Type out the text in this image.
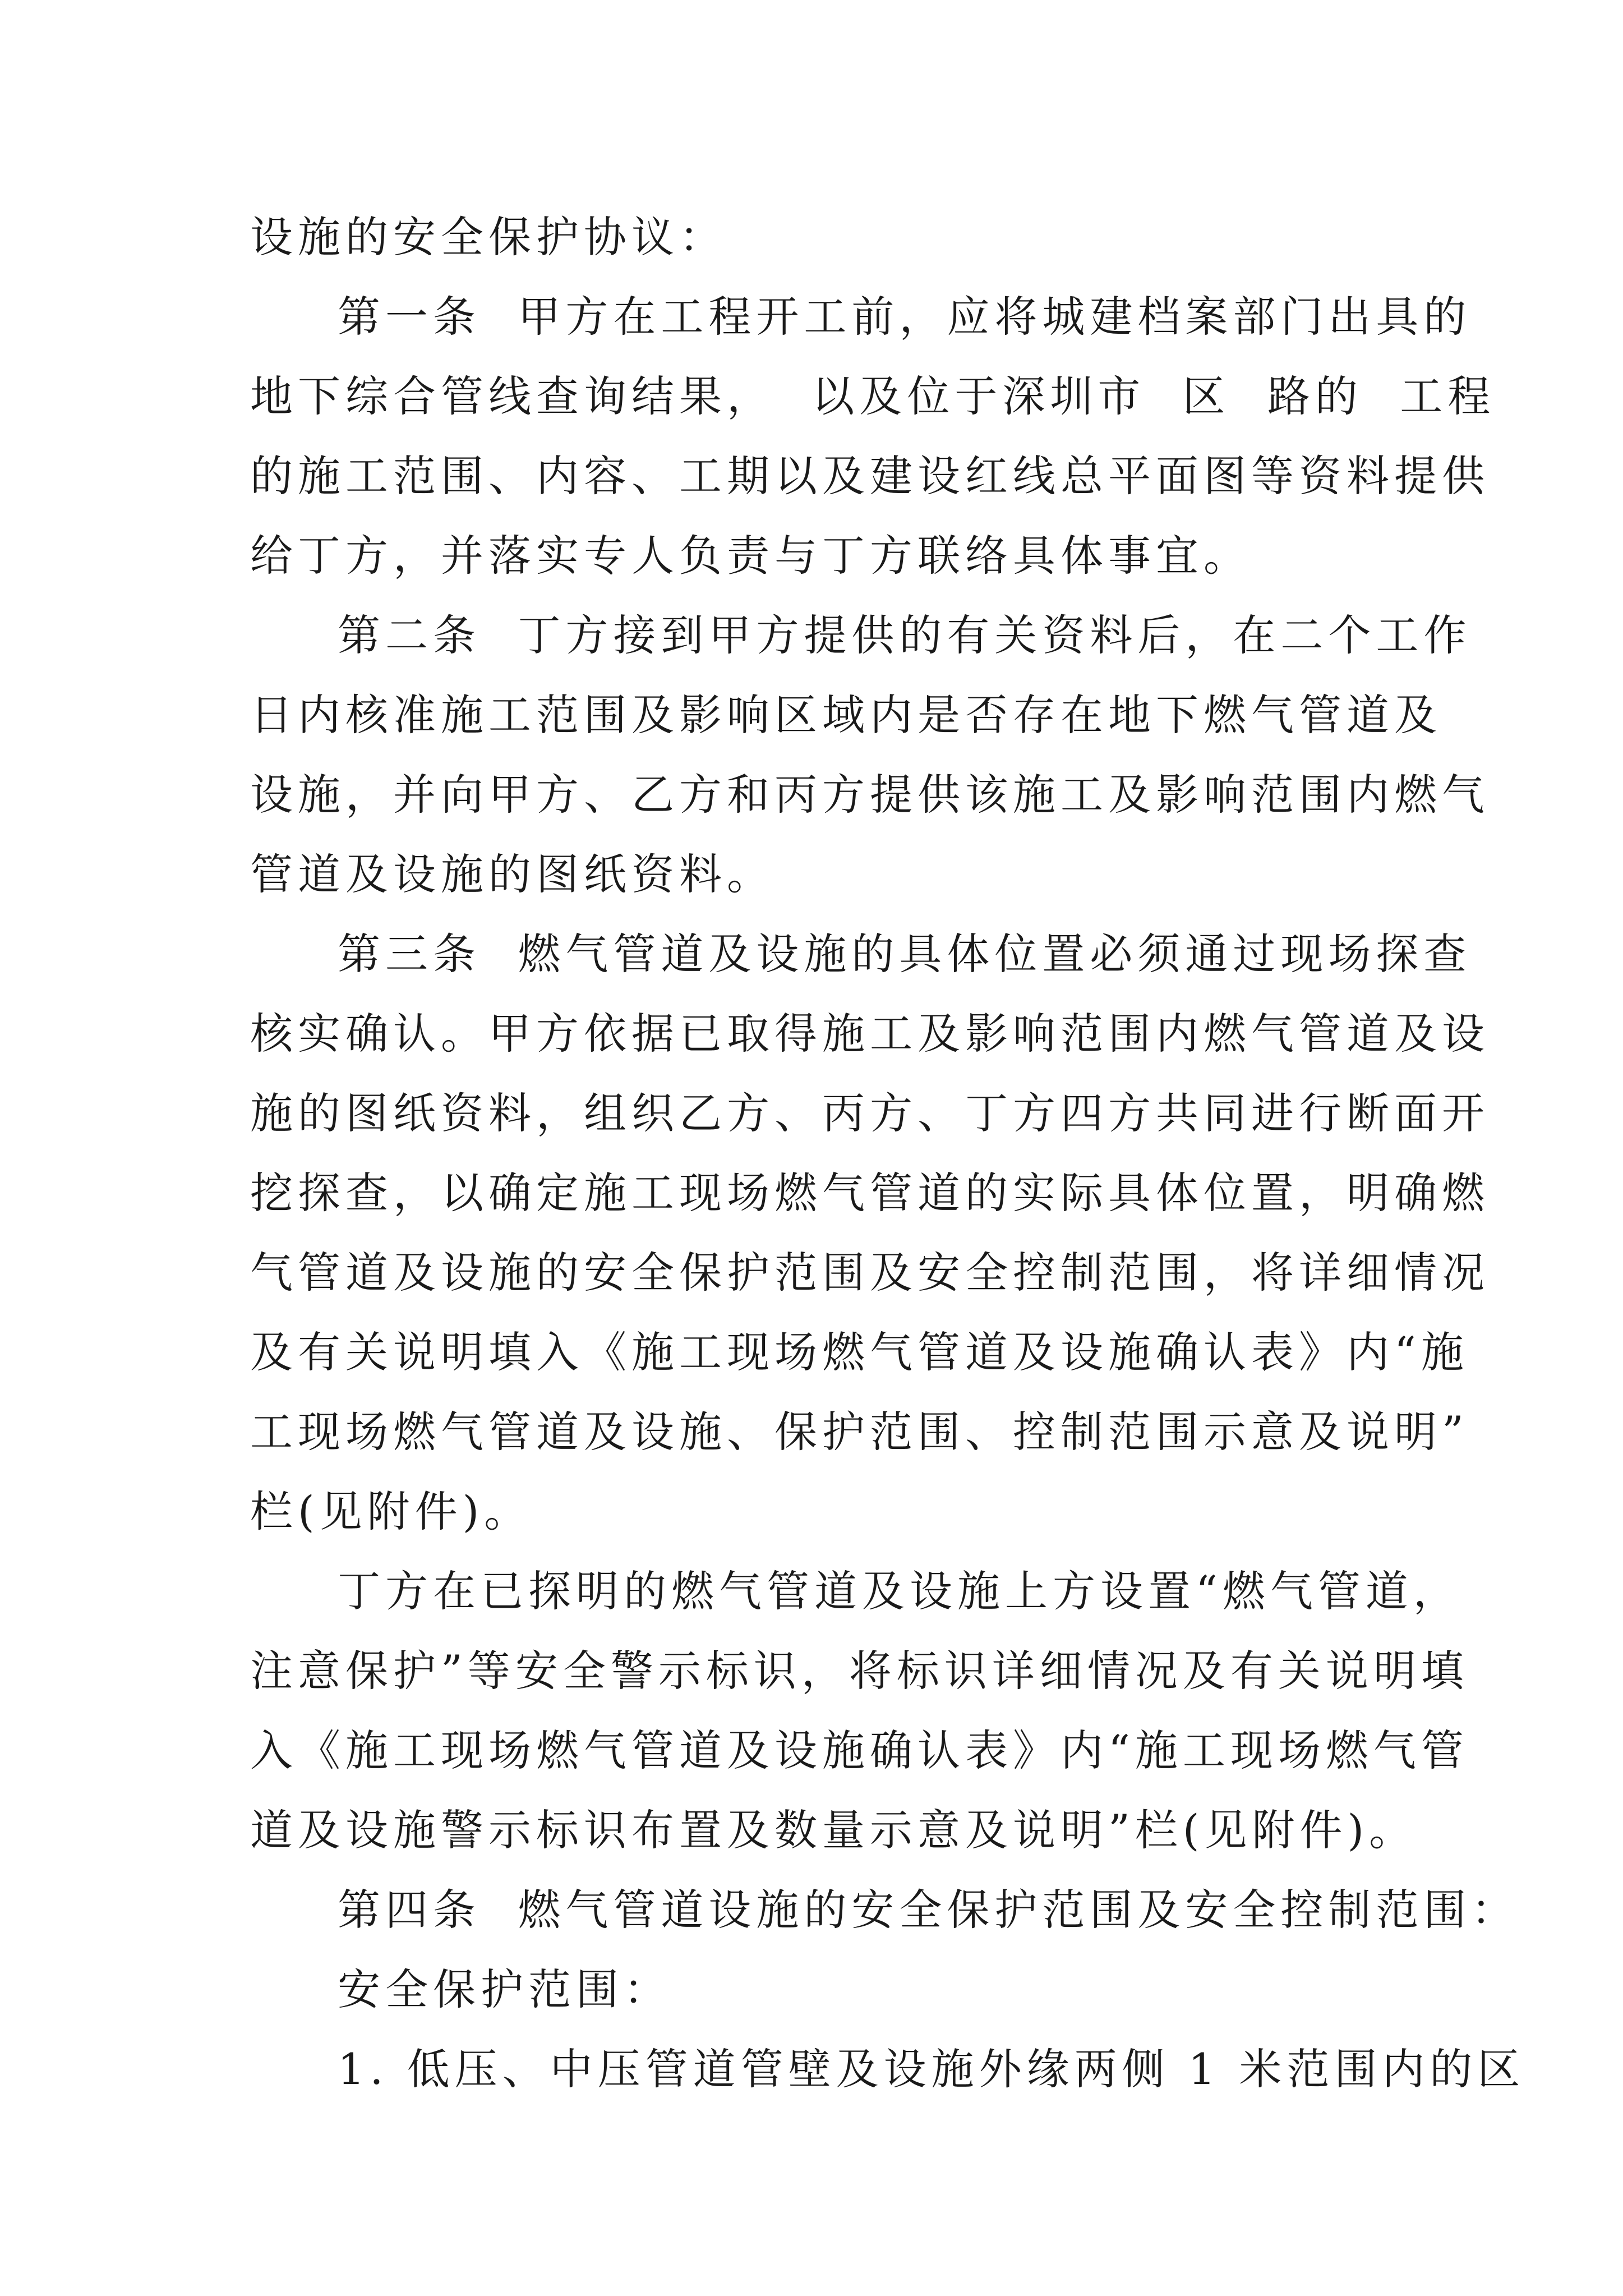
设施的安全保护协议：
第一条  甲方在工程开工前，应将城建档案部门出具的
地下综合管线查询结果，  以及位于深圳市  区  路的  工程
的施工范围、内容、工期以及建设红线总平面图等资料提供
给丁方，并落实专人负责与丁方联络具体事宜。
第二条  丁方接到甲方提供的有关资料后，在二个工作
日内核准施工范围及影响区域内是否存在地下燃气管道及
设施，并向甲方、乙方和丙方提供该施工及影响范围内燃气
管道及设施的图纸资料。
第三条  燃气管道及设施的具体位置必须通过现场探查
核实确认。甲方依据已取得施工及影响范围内燃气管道及设
施的图纸资料，组织乙方、丙方、丁方四方共同进行断面开
挖探查，以确定施工现场燃气管道的实际具体位置，明确燃
气管道及设施的安全保护范围及安全控制范围，将详细情况
及有关说明填入《施工现场燃气管道及设施确认表》内“施
工现场燃气管道及设施、保护范围、控制范围示意及说明”
栏(见附件)。
丁方在已探明的燃气管道及设施上方设置“燃气管道，
注意保护”等安全警示标识，将标识详细情况及有关说明填
入《施工现场燃气管道及设施确认表》内“施工现场燃气管
道及设施警示标识布置及数量示意及说明”栏(见附件)。
第四条  燃气管道设施的安全保护范围及安全控制范围：
安全保护范围：
1. 低压、中压管道管壁及设施外缘两侧 1 米范围内的区
